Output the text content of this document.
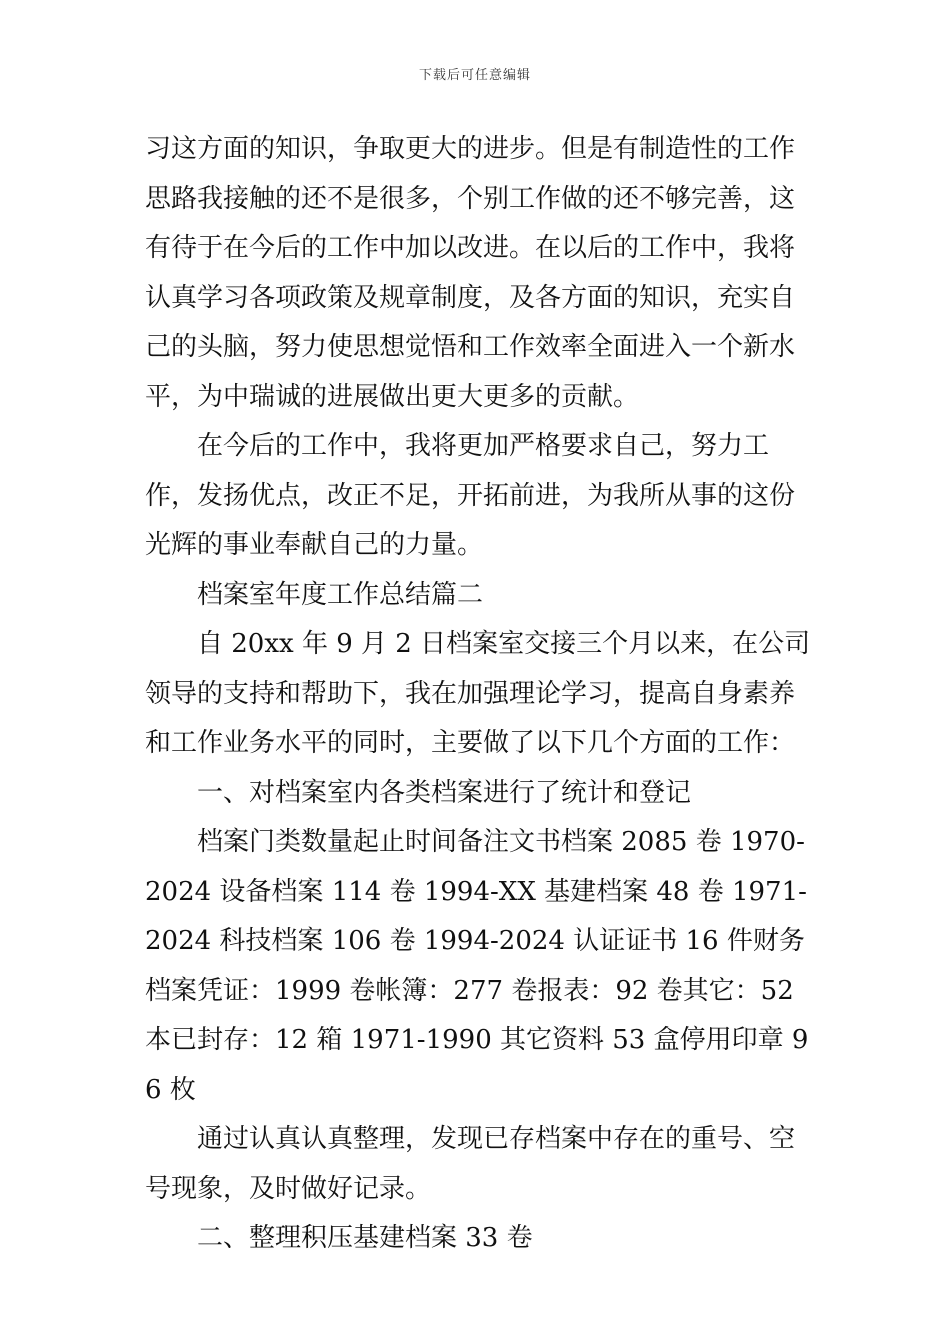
下载后可任意编辑

习这方面的知识，争取更大的进步。但是有制造性的工作思路我接触的还不是很多，个别工作做的还不够完善，这有待于在今后的工作中加以改进。在以后的工作中，我将认真学习各项政策及规章制度，及各方面的知识，充实自己的头脑，努力使思想觉悟和工作效率全面进入一个新水平，为中瑞诚的进展做出更大更多的贡献。

在今后的工作中，我将更加严格要求自己，努力工作，发扬优点，改正不足，开拓前进，为我所从事的这份光辉的事业奉献自己的力量。

档案室年度工作总结篇二

自 20xx 年 9 月 2 日档案室交接三个月以来，在公司领导的支持和帮助下，我在加强理论学习，提高自身素养和工作业务水平的同时，主要做了以下几个方面的工作：

一、对档案室内各类档案进行了统计和登记

档案门类数量起止时间备注文书档案 2085 卷 1970-2024 设备档案 114 卷 1994-XX 基建档案 48 卷 1971-2024 科技档案 106 卷 1994-2024 认证证书 16 件财务档案凭证：1999 卷帐簿：277 卷报表：92 卷其它：52 本已封存：12 箱 1971-1990 其它资料 53 盒停用印章 96 枚

通过认真认真整理，发现已存档案中存在的重号、空号现象，及时做好记录。

二、整理积压基建档案 33 卷
